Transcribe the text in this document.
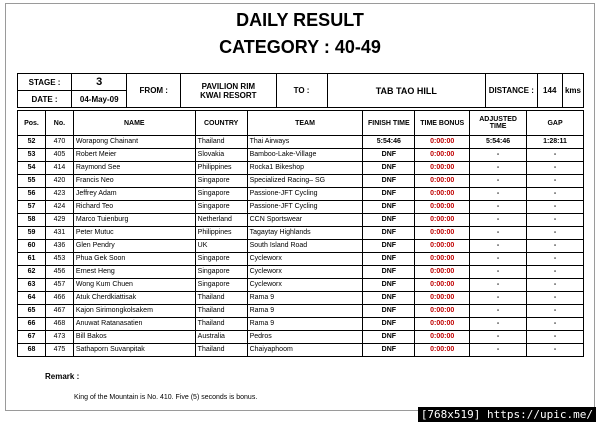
DAILY RESULT
CATEGORY : 40-49
STAGE :	3	FROM :	PAVILION RIM
KWAI RESORT	TO :	TAB TAO HILL	DISTANCE :	144	kms
DATE :	04-May-09							
Pos.	No.	NAME	COUNTRY	TEAM	FINISH TIME	TIME BONUS	ADJUSTED TIME	GAP
52	470	Worapong Chainant	Thailand	Thai Airways	5:54:46	0:00:00	5:54:46	1:28:11
53	405	Robert Meier	Slovakia	Bamboo-Lake-Village	DNF	0:00:00	-	-
54	414	Raymond See	Philippines	Rocka1 Bikeshop	DNF	0:00:00	-	-
55	420	Francis Neo	Singapore	Specialized Racing– SG	DNF	0:00:00	-	-
56	423	Jeffrey Adam	Singapore	Passione-JFT Cycling	DNF	0:00:00	-	-
57	424	Richard Teo	Singapore	Passione-JFT Cycling	DNF	0:00:00	-	-
58	429	Marco Tuienburg	Netherland	CCN Sportswear	DNF	0:00:00	-	-
59	431	Peter Mutuc	Philippines	Tagaytay Highlands	DNF	0:00:00	-	-
60	436	Glen Pendry	UK	South Island Road	DNF	0:00:00	-	-
61	453	Phua Gek Soon	Singapore	Cycleworx	DNF	0:00:00	-	-
62	456	Ernest Heng	Singapore	Cycleworx	DNF	0:00:00	-	-
63	457	Wong Kum Chuen	Singapore	Cycleworx	DNF	0:00:00	-	-
64	466	Atuk Cherdkiattisak	Thailand	Rama 9	DNF	0:00:00	-	-
65	467	Kajon Sirimongkolsakem	Thailand	Rama 9	DNF	0:00:00	-	-
66	468	Anuwat Ratanasatien	Thailand	Rama 9	DNF	0:00:00	-	-
67	473	Bill Bakos	Australia	Pedros	DNF	0:00:00	-	-
68	475	Sathaporn Suvanpitak	Thailand	Chaiyaphoom	DNF	0:00:00	-	-
Remark :
King of the Mountain is No. 410. Five (5) seconds is bonus.
[768x519] https://upic.me/
